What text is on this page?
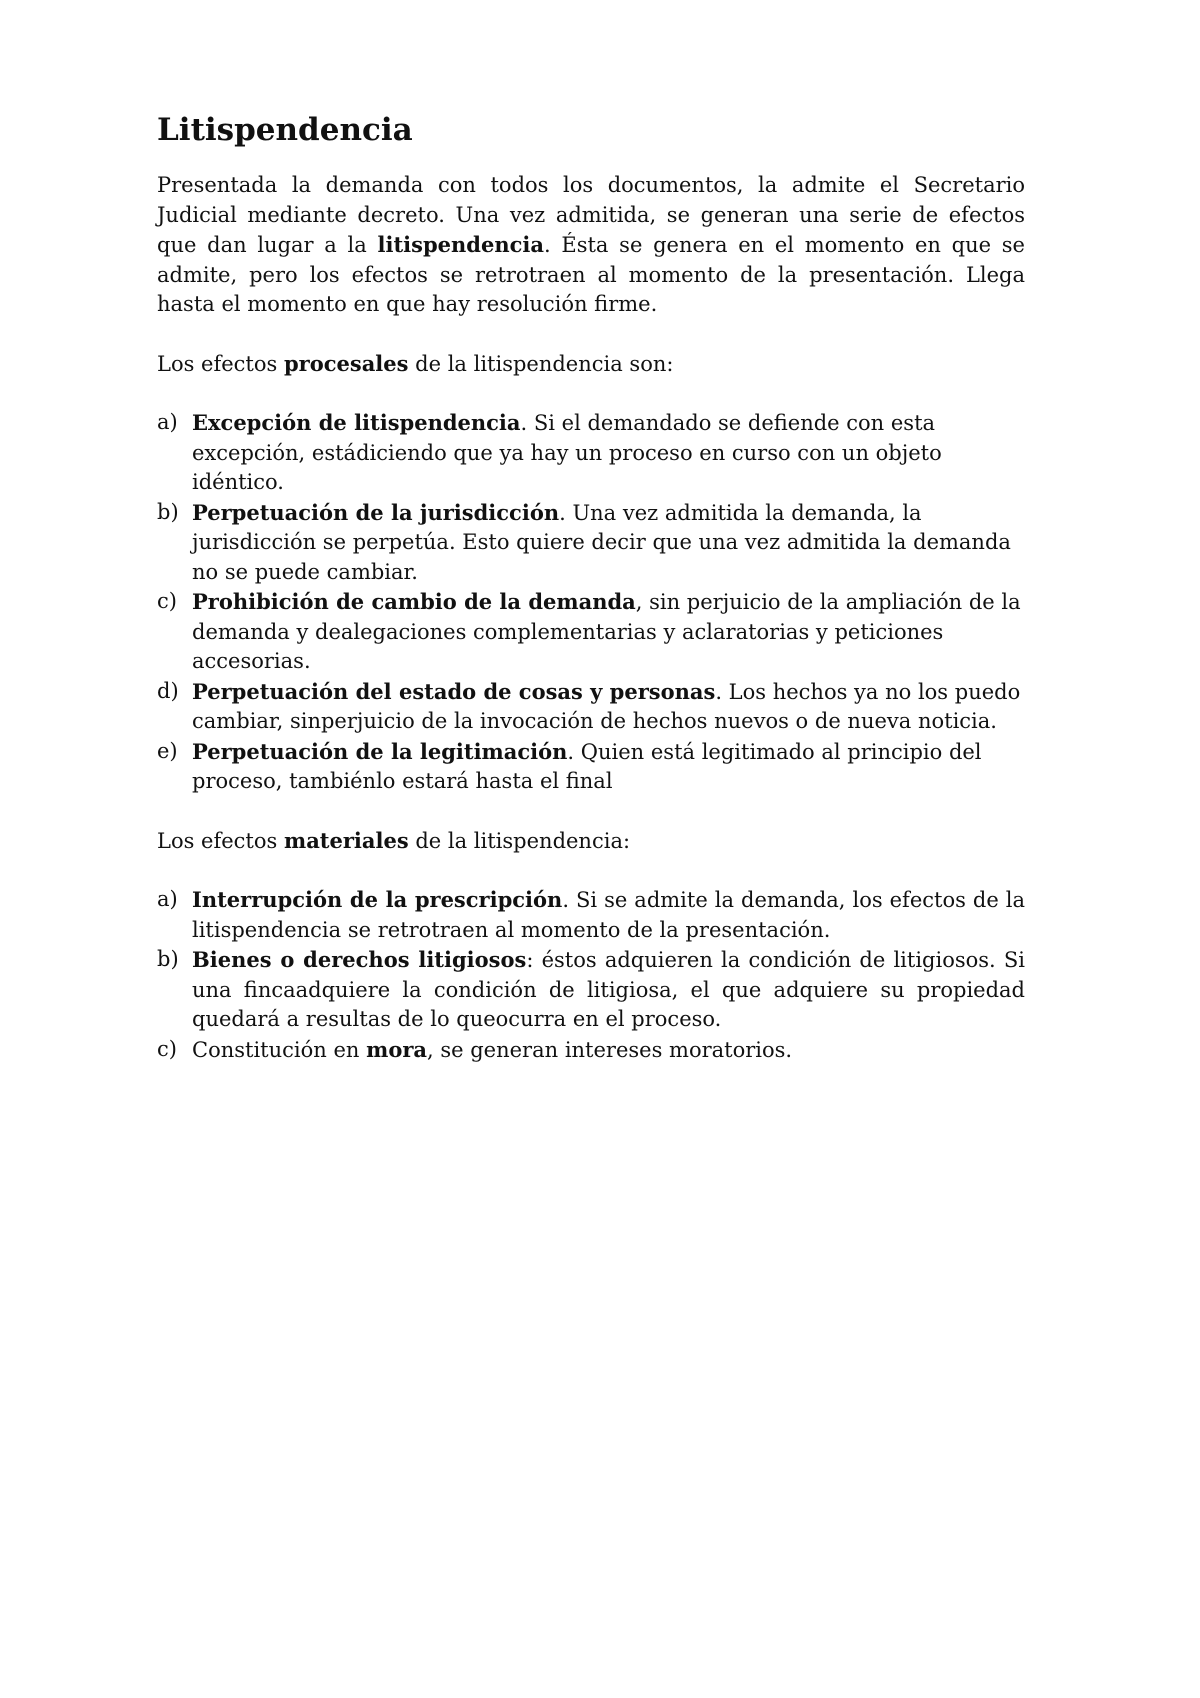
Litispendencia

Presentada la demanda con todos los documentos, la admite el Secretario Judicial mediante decreto. Una vez admitida, se generan una serie de efectos que dan lugar a la litispendencia. Ésta se genera en el momento en que se admite, pero los efectos se retrotraen al momento de la presentación. Llega hasta el momento en que hay resolución firme.

Los efectos procesales de la litispendencia son:

a) Excepción de litispendencia. Si el demandado se defiende con esta excepción, estádiciendo que ya hay un proceso en curso con un objeto idéntico.
b) Perpetuación de la jurisdicción. Una vez admitida la demanda, la jurisdicción se perpetúa. Esto quiere decir que una vez admitida la demanda no se puede cambiar.
c) Prohibición de cambio de la demanda, sin perjuicio de la ampliación de la demanda y dealegaciones complementarias y aclaratorias y peticiones accesorias.
d) Perpetuación del estado de cosas y personas. Los hechos ya no los puedo cambiar, sinperjuicio de la invocación de hechos nuevos o de nueva noticia.
e) Perpetuación de la legitimación. Quien está legitimado al principio del proceso, tambiénlo estará hasta el final

Los efectos materiales de la litispendencia:

a) Interrupción de la prescripción. Si se admite la demanda, los efectos de la litispendencia se retrotraen al momento de la presentación.
b) Bienes o derechos litigiosos: éstos adquieren la condición de litigiosos. Si una fincaadquiere la condición de litigiosa, el que adquiere su propiedad quedará a resultas de lo queocurra en el proceso.
c) Constitución en mora, se generan intereses moratorios.
